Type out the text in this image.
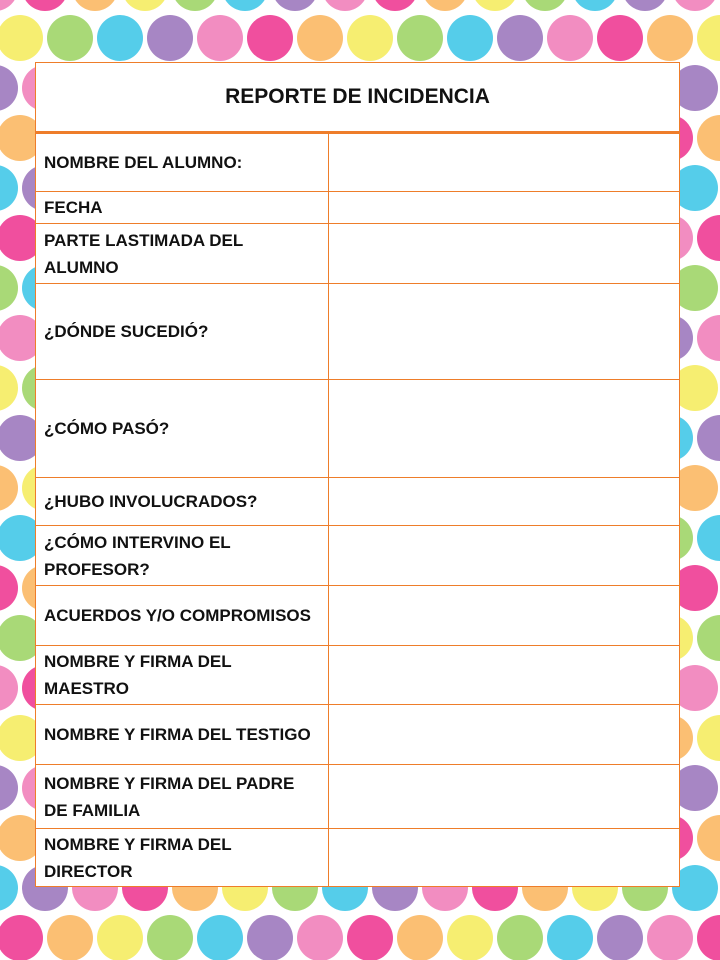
REPORTE DE INCIDENCIA
NOMBRE DEL ALUMNO:	
FECHA	
PARTE LASTIMADA DEL ALUMNO	
¿DÓNDE SUCEDIÓ?	
¿CÓMO PASÓ?	
¿HUBO INVOLUCRADOS?	
¿CÓMO INTERVINO EL PROFESOR?	
ACUERDOS Y/O COMPROMISOS	
NOMBRE Y FIRMA DEL MAESTRO	
NOMBRE Y FIRMA DEL TESTIGO	
NOMBRE Y FIRMA DEL PADRE DE FAMILIA	
NOMBRE Y FIRMA DEL DIRECTOR	
